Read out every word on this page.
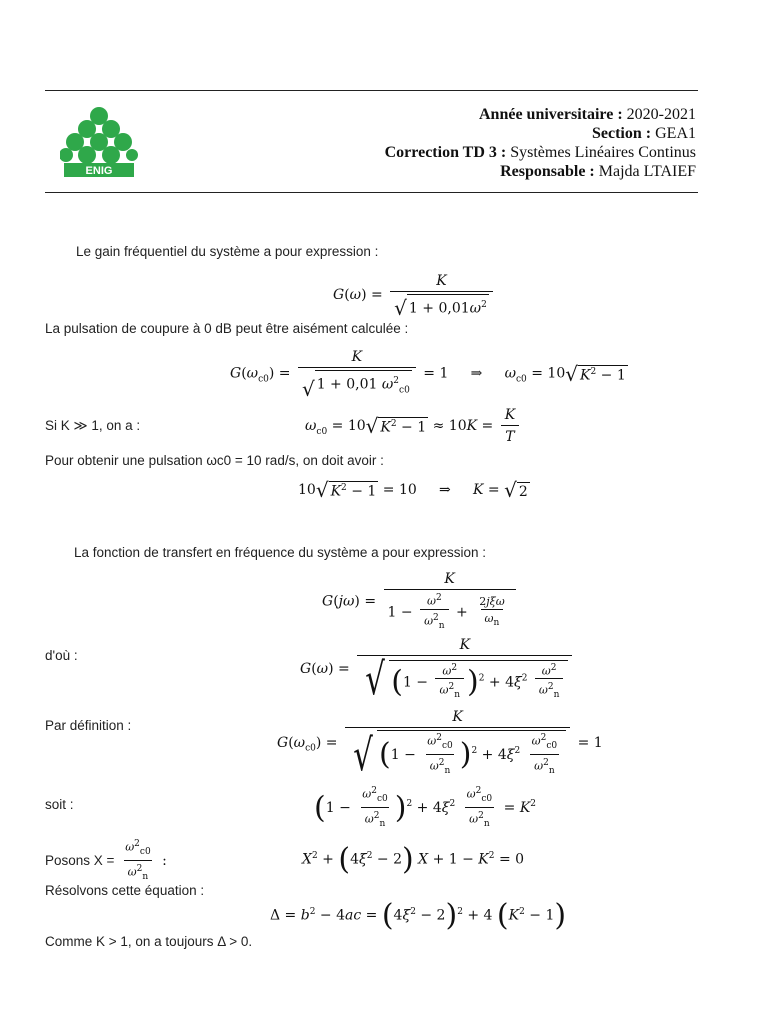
ENIG
Année universitaire : 2020-2021
Section : GEA1
Correction TD 3 : Systèmes Linéaires Continus
Responsable : Majda LTAIEF
Le gain fréquentiel du système a pour expression :
$G(\omega) = \frac{K}{√ 1 + 0,01\omega^2}$
La pulsation de coupure à 0 dB peut être aisément calculée :
$G(\omega_{c0}) = \frac{K}{√ 1 + 0,01 \omega^2_{c0}} = 1$     ⇒     $\omega_{c0} = 10$ √ $K^2 - 1$
Si K ≫ 1, on a :	$\omega_{c0} = 10$ √ $K^2 - 1 \approx 10K = \frac{K}{T}$
Pour obtenir une pulsation ωc0 = 10 rad/s, on doit avoir :
10 √ $K^2 - 1 = 10$     ⇒     K = √ 2
La fonction de transfert en fréquence du système a pour expression :
$G(j\omega) = \frac{K}{1 - \frac{\omega^2}{\omega^2_n} + \frac{\text{2jξω}}{\omega_n}}$
d'où :
$G(\omega) = \frac{K}{√ (1 - \frac{\omega^2}{\omega^2_n} )^2 + 4\xi^2 \frac{\omega^2}{\omega^2_n}}$
Par définition :
$G(\omega_{c0}) = \frac{K}{√ (1 - \frac{\omega^2_{c0}}{\omega^2_n} )^2 + 4\xi^2 \frac{\omega^2_{c0}}{\omega^2_n}} = 1$
soit :	$(1 - \frac{\omega^2_{c0}}{\omega^2_n} )^2 + 4\xi^2 \frac{\omega^2_{c0}}{\omega^2_n} = K^2$
Posons $X = \frac{\omega^2_{c0}}{\omega^2_n}$ :	$X^2 + (4\xi^2 - 2) X + 1 - K^2 = 0$
Résolvons cette équation :
$\Delta = b^2 - 4ac = (4\xi^2 - 2)^2 + 4$ $(K^2 - 1)$
Comme K > 1, on a toujours Δ > 0.
